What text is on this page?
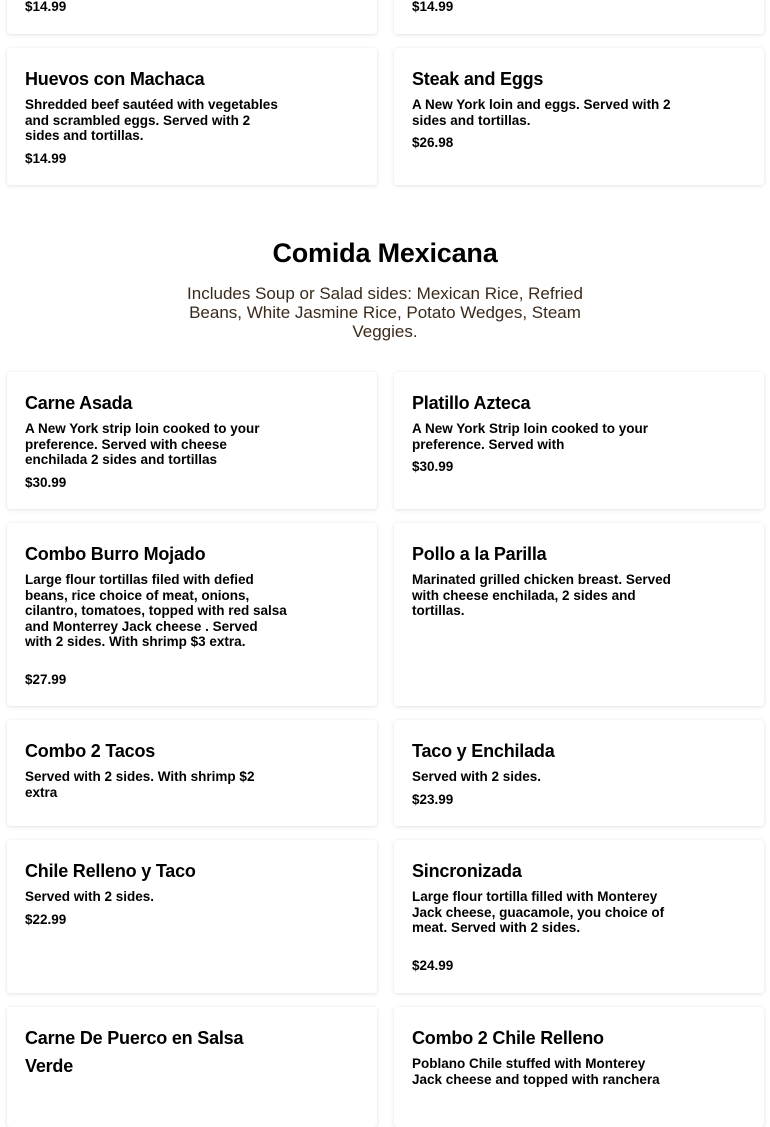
$14.99	$14.99

Huevos con Machaca

Shredded beef sautéed with vegetables and scrambled eggs. Served with 2 sides and tortillas.

$14.99

Steak and Eggs

A New York loin and eggs. Served with 2 sides and tortillas.

$26.98

Comida Mexicana

Includes Soup or Salad sides: Mexican Rice, Refried Beans, White Jasmine Rice, Potato Wedges, Steam Veggies.

Carne Asada

A New York strip loin cooked to your preference. Served with cheese enchilada 2 sides and tortillas

$30.99

Platillo Azteca

A New York Strip loin cooked to your preference. Served with

$30.99

Combo Burro Mojado

Large flour tortillas filed with defied beans, rice choice of meat, onions, cilantro, tomatoes, topped with red salsa and Monterrey Jack cheese . Served with 2 sides. With shrimp $3 extra.

$27.99

Pollo a la Parilla

Marinated grilled chicken breast. Served with cheese enchilada, 2 sides and tortillas.

Combo 2 Tacos

Served with 2 sides. With shrimp $2 extra

Taco y Enchilada

Served with 2 sides.

$23.99

Chile Relleno y Taco

Served with 2 sides.

$22.99

Sincronizada

Large flour tortilla filled with Monterey Jack cheese, guacamole, you choice of meat. Served with 2 sides.

$24.99

Carne De Puerco en Salsa Verde

Combo 2 Chile Relleno

Poblano Chile stuffed with Monterey Jack cheese and topped with ranchera
